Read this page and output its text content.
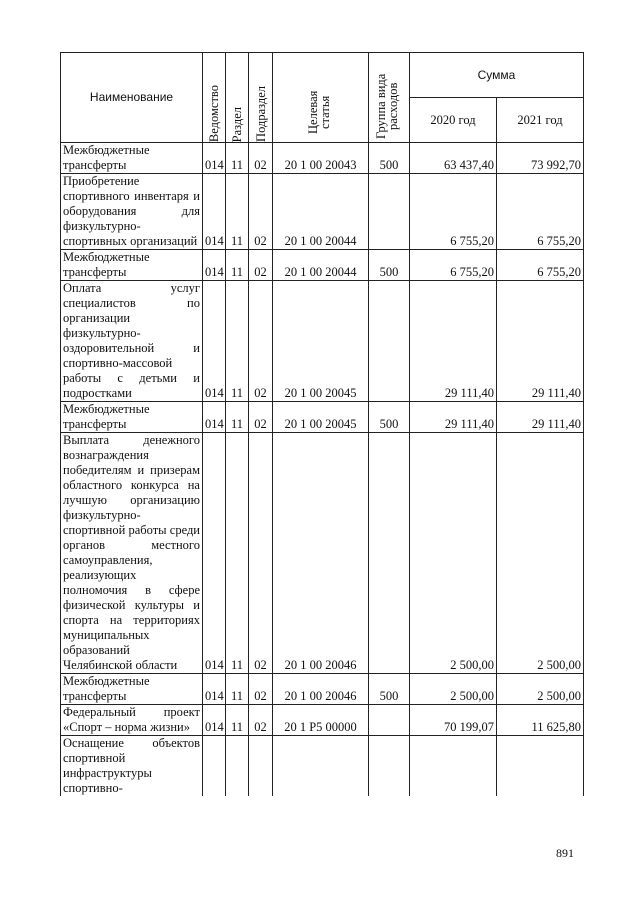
Наименование	Ведомство	Раздел	Подраздел	Целевая статья	Группа вида расходов	Сумма	
						2020 год	2021 год
Межбюджетные трансферты	014	11	02	20 1 00 20043	500	63 437,40	73 992,70
Приобретение спортивного инвентаря и оборудования для физкультурно-спортивных организаций	014	11	02	20 1 00 20044		6 755,20	6 755,20
Межбюджетные трансферты	014	11	02	20 1 00 20044	500	6 755,20	6 755,20
Оплата услуг специалистов по организации физкультурно-оздоровительной и спортивно-массовой работы с детьми и подростками	014	11	02	20 1 00 20045		29 111,40	29 111,40
Межбюджетные трансферты	014	11	02	20 1 00 20045	500	29 111,40	29 111,40
Выплата денежного вознаграждения победителям и призерам областного конкурса на лучшую организацию физкультурно-спортивной работы среди органов местного самоуправления, реализующих полномочия в сфере физической культуры и спорта на территориях муниципальных образований Челябинской области	014	11	02	20 1 00 20046		2 500,00	2 500,00
Межбюджетные трансферты	014	11	02	20 1 00 20046	500	2 500,00	2 500,00
Федеральный проект «Спорт – норма жизни»	014	11	02	20 1 P5 00000		70 199,07	11 625,80
Оснащение объектов спортивной инфраструктуры спортивно-							
891
